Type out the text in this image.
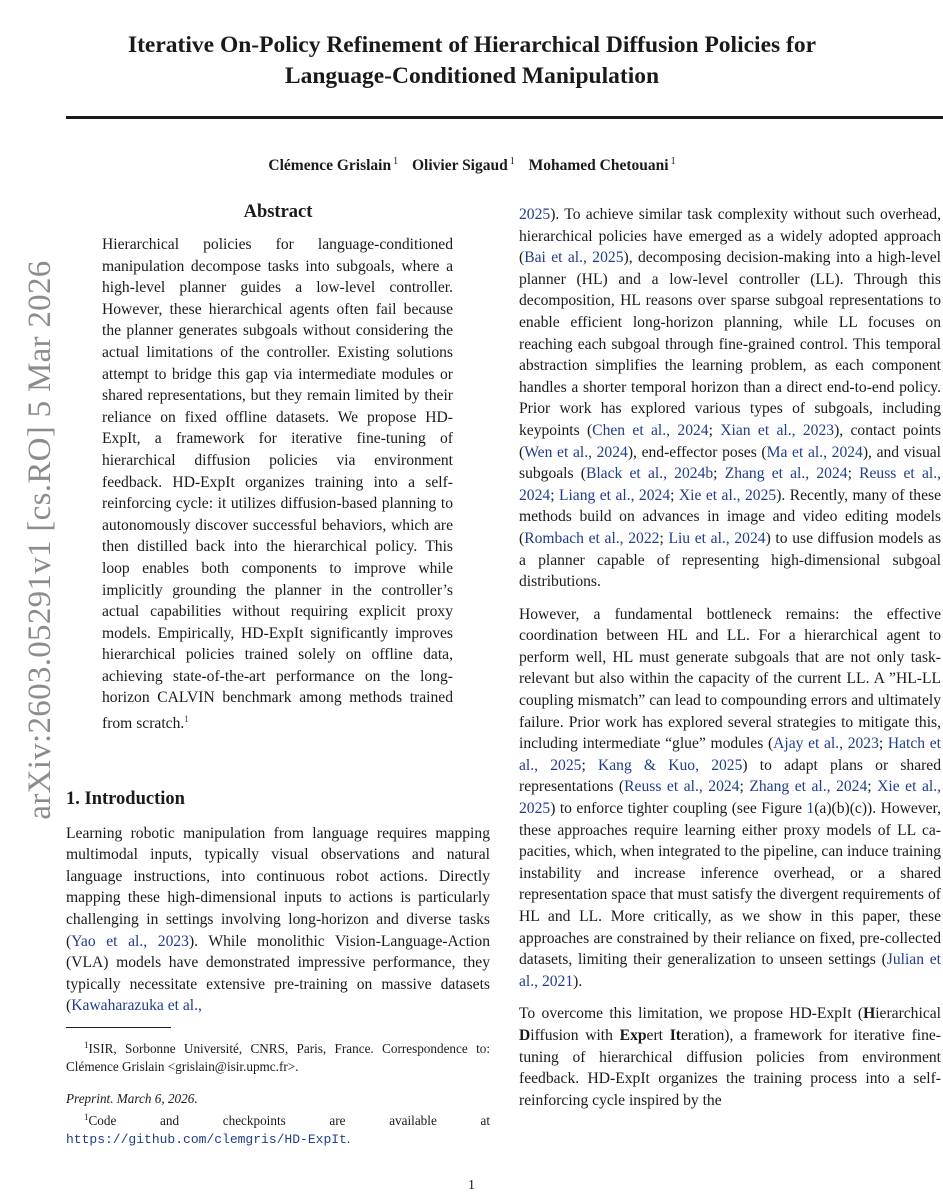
arXiv:2603.05291v1 [cs.RO] 5 Mar 2026
Iterative On-Policy Refinement of Hierarchical Diffusion Policies for
Language-Conditioned Manipulation
Clémence Grislain $^1$ Olivier Sigaud $^1$ Mohamed Chetouani $^1$
Abstract
Hierarchical policies for language-conditioned manipulation decompose tasks into subgoals, where a high-level planner guides a low-level controller. However, these hierarchical agents often fail because the planner generates subgoals without considering the actual limitations of the controller. Existing solutions attempt to bridge this gap via intermediate modules or shared representations, but they remain limited by their reliance on fixed offline datasets. We propose HD-ExpIt, a framework for iterative fine-tuning of hierarchical diffusion policies via environment feedback. HD-ExpIt organizes training into a self-reinforcing cycle: it utilizes diffusion-based planning to autonomously discover successful behaviors, which are then distilled back into the hierarchical policy. This loop enables both components to improve while implicitly grounding the planner in the controller’s actual capabilities without requiring explicit proxy models. Empirically, HD-ExpIt significantly improves hierarchical policies trained solely on offline data, achieving state-of-the-art performance on the long-horizon CALVIN benchmark among methods trained from scratch.$^1$
1. Introduction

Learning robotic manipulation from language requires mapping multimodal inputs, typically visual observations and natural language instructions, into continuous robot actions. Directly mapping these high-dimensional inputs to actions is particularly challenging in settings involving long-horizon and diverse tasks (Yao et al., 2023). While monolithic Vision-Language-Action (VLA) models have demonstrated impressive performance, they typically necessitate extensive pre-training on massive datasets (Kawaharazuka et al.,

$^1$ISIR, Sorbonne Université, CNRS, Paris, France. Correspondence to: Clémence Grislain <grislain@isir.upmc.fr>.

Preprint. March 6, 2026.

$^1$Code and checkpoints are available at https://github.com/clemgris/HD-ExpIt.

2025). To achieve similar task complexity without such overhead, hierarchical policies have emerged as a widely adopted approach (Bai et al., 2025), decomposing decision-making into a high-level planner (HL) and a low-level controller (LL). Through this decomposition, HL reasons over sparse subgoal representations to enable efficient long-horizon planning, while LL focuses on reaching each subgoal through fine-grained control. This temporal abstraction simplifies the learning problem, as each component handles a shorter temporal horizon than a direct end-to-end policy. Prior work has explored various types of subgoals, including keypoints (Chen et al., 2024; Xian et al., 2023), contact points (Wen et al., 2024), end-effector poses (Ma et al., 2024), and visual subgoals (Black et al., 2024b; Zhang et al., 2024; Reuss et al., 2024; Liang et al., 2024; Xie et al., 2025). Recently, many of these methods build on advances in image and video editing models (Rombach et al., 2022; Liu et al., 2024) to use diffusion models as a planner capable of representing high-dimensional subgoal distributions.

However, a fundamental bottleneck remains: the effective coordination between HL and LL. For a hierarchical agent to perform well, HL must generate subgoals that are not only task-relevant but also within the capacity of the current LL. A ”HL-LL coupling mismatch” can lead to compounding errors and ultimately failure. Prior work has explored several strategies to mitigate this, including intermediate “glue” modules (Ajay et al., 2023; Hatch et al., 2025; Kang & Kuo, 2025) to adapt plans or shared representations (Reuss et al., 2024; Zhang et al., 2024; Xie et al., 2025) to enforce tighter coupling (see Figure 1(a)(b)(c)). However, these approaches require learning either proxy models of LL capacities, which, when integrated to the pipeline, can induce training instability and increase inference overhead, or a shared representation space that must satisfy the divergent requirements of HL and LL. More critically, as we show in this paper, these approaches are constrained by their reliance on fixed, pre-collected datasets, limiting their generalization to unseen settings (Julian et al., 2021).

To overcome this limitation, we propose HD-ExpIt (Hierarchical Diffusion with Expert Iteration), a framework for iterative fine-tuning of hierarchical diffusion policies from environment feedback. HD-ExpIt organizes the training process into a self-reinforcing cycle inspired by the

1
